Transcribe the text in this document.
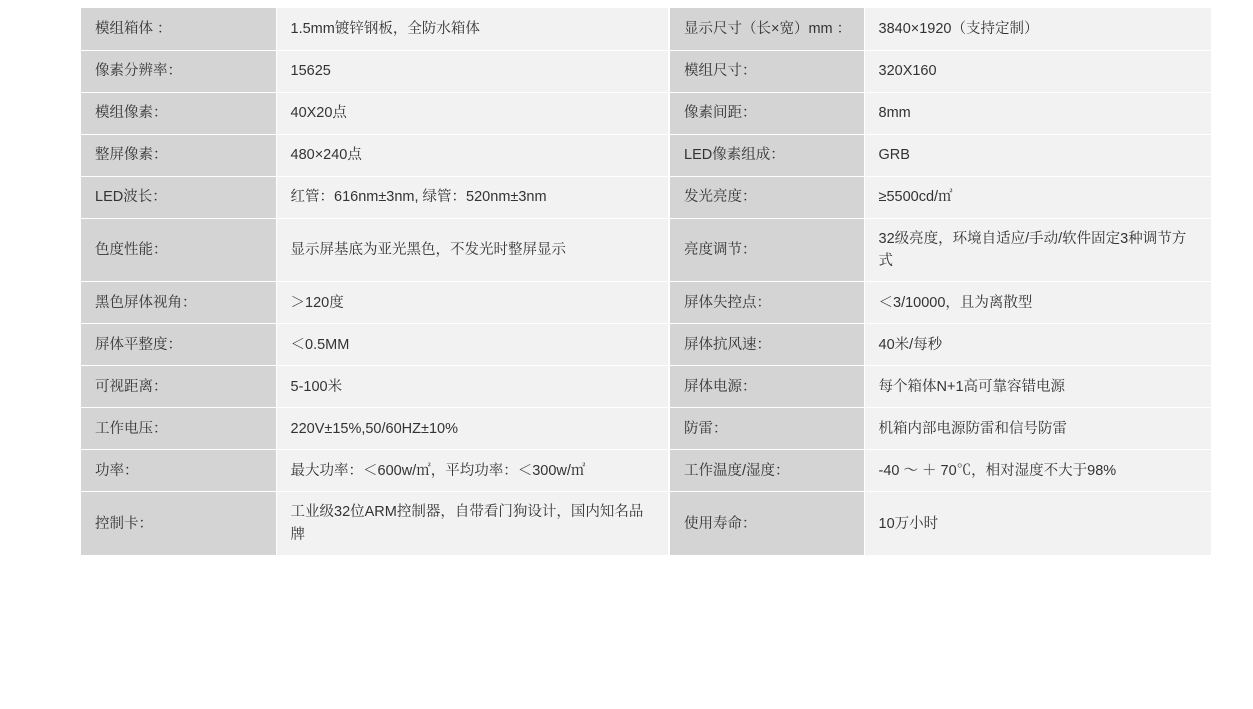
模组箱体 ：	1.5mm镀锌钢板，全防水箱体	显示尺寸（长×宽）mm ：	3840×1920（支持定制）
像素分辨率：	15625	模组尺寸：	320X160
模组像素：	40X20点	像素间距：	8mm
整屏像素：	480×240点	LED像素组成：	GRB
LED波长：	红管：616nm±3nm, 绿管：520nm±3nm	发光亮度：	≥5500cd/㎡
色度性能：	显示屏基底为亚光黑色，不发光时整屏显示	亮度调节：	32级亮度，环境自适应/手动/软件固定3种调节方式
黑色屏体视角：	＞120度	屏体失控点：	＜3/10000，且为离散型
屏体平整度：	＜0.5MM	屏体抗风速：	40米/每秒
可视距离：	5-100米	屏体电源：	每个箱体N+1高可靠容错电源
工作电压：	220V±15%,50/60HZ±10%	防雷：	机箱内部电源防雷和信号防雷
功率：	最大功率：＜600w/㎡，平均功率：＜300w/㎡	工作温度/湿度：	-40 ～ ＋ 70℃，相对湿度不大于98%
控制卡：	工业级32位ARM控制器，自带看门狗设计，国内知名品牌	使用寿命：	10万小时
